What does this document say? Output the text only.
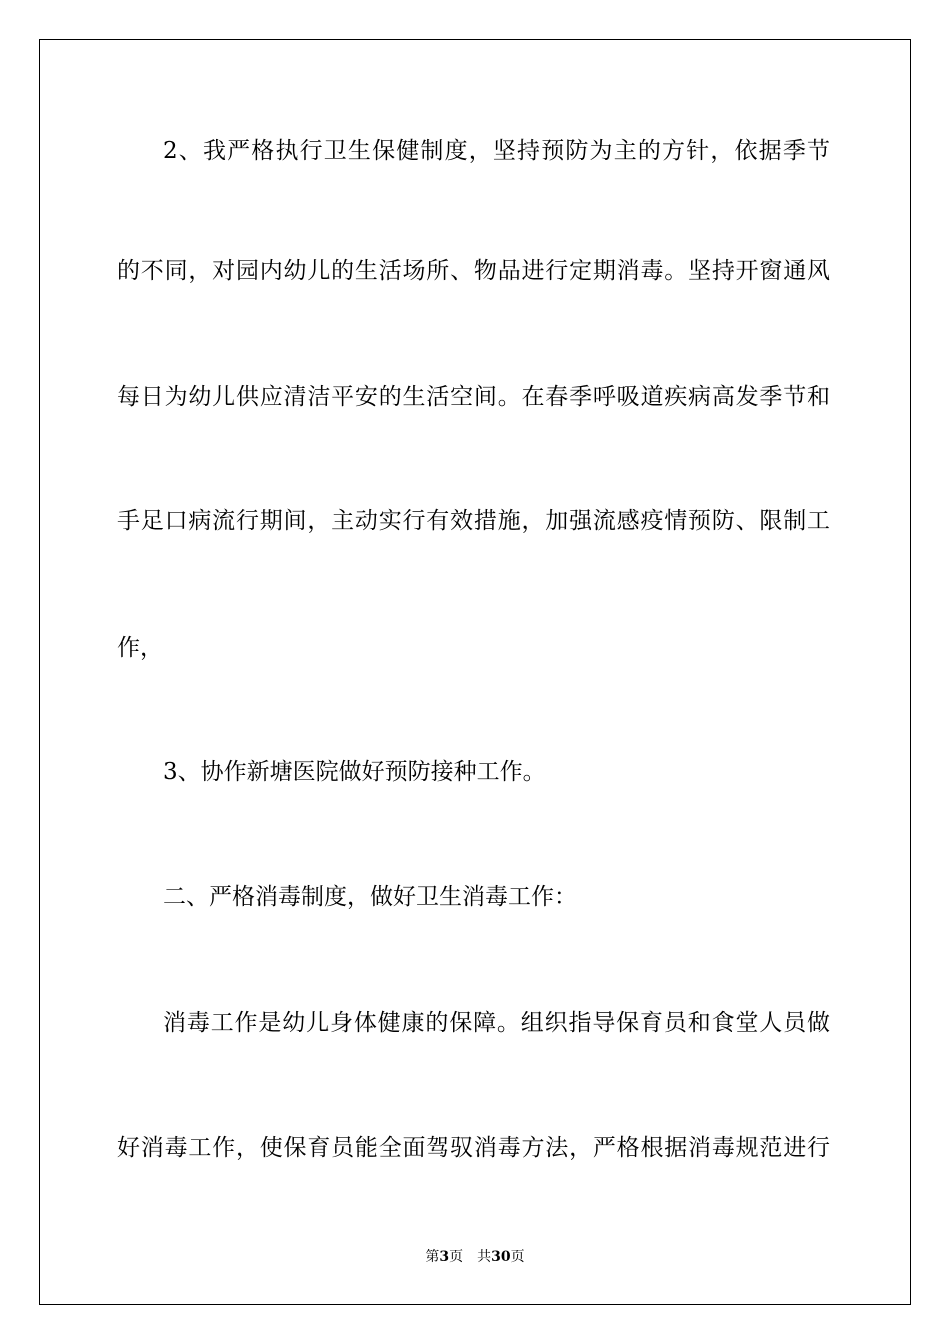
2、我严格执行卫生保健制度，坚持预防为主的方针，依据季节

的不同，对园内幼儿的生活场所、物品进行定期消毒。坚持开窗通风

每日为幼儿供应清洁平安的生活空间。在春季呼吸道疾病高发季节和

手足口病流行期间，主动实行有效措施，加强流感疫情预防、限制工

作，

3、协作新塘医院做好预防接种工作。

二、严格消毒制度，做好卫生消毒工作：

消毒工作是幼儿身体健康的保障。组织指导保育员和食堂人员做

好消毒工作，使保育员能全面驾驭消毒方法，严格根据消毒规范进行

第3页 共30页
